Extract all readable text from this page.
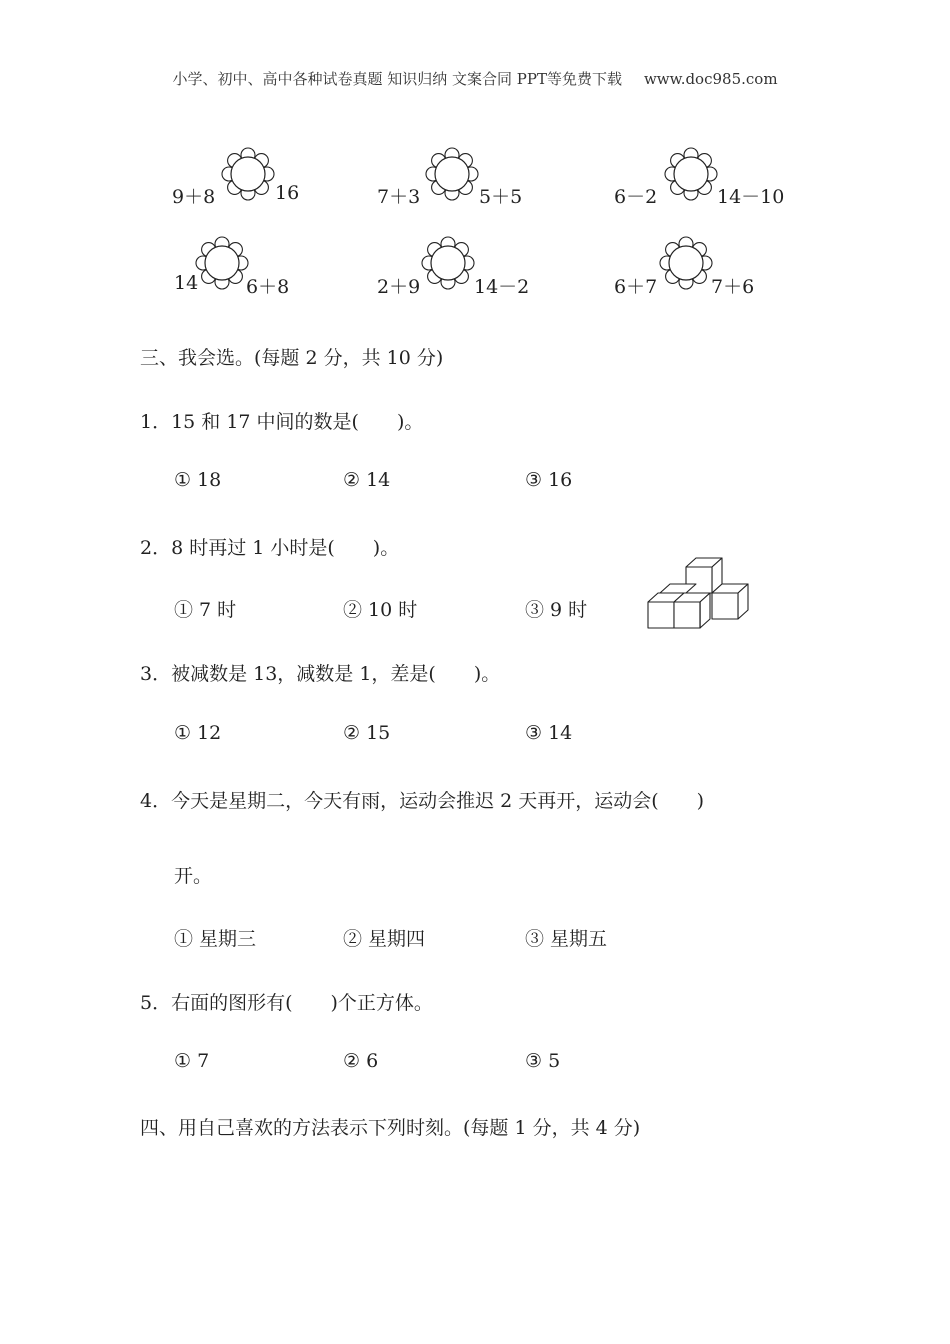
小学、初中、高中各种试卷真题 知识归纳 文案合同 PPT等免费下载 www.doc985.com
9＋8	16	7＋3	5＋5	6－2	14－10
14	6＋8	2＋9	14－2	6＋7	7＋6
三、我会选。(每题 2 分，共 10 分)
1．15 和 17 中间的数是(　　)。
① 18	② 14	③ 16
2．8 时再过 1 小时是(　　)。
① 7 时	② 10 时	③ 9 时
3．被减数是 13，减数是 1，差是(　　)。
① 12	② 15	③ 14
4．今天是星期二，今天有雨，运动会推迟 2 天再开，运动会(　　)
开。
① 星期三	② 星期四	③ 星期五
5．右面的图形有(　　)个正方体。
① 7	② 6	③ 5
四、用自己喜欢的方法表示下列时刻。(每题 1 分，共 4 分)
